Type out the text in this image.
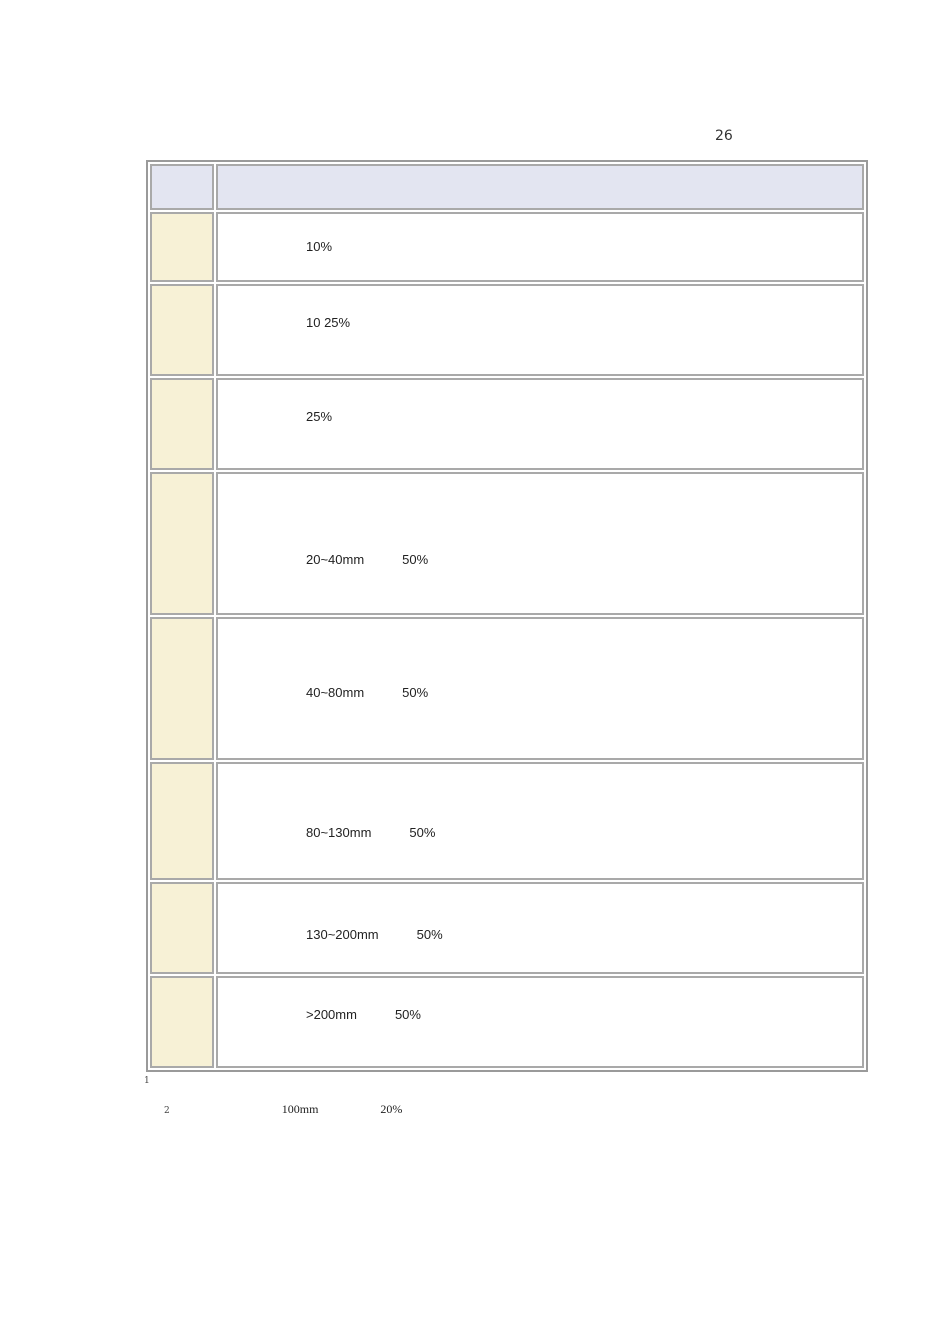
26

	10%

	10 25%

	25%

	20~40mm 50%

	40~80mm 50%

	80~130mm 50%

	130~200mm 50%

	>200mm 50%
1
2	100mm	20%
